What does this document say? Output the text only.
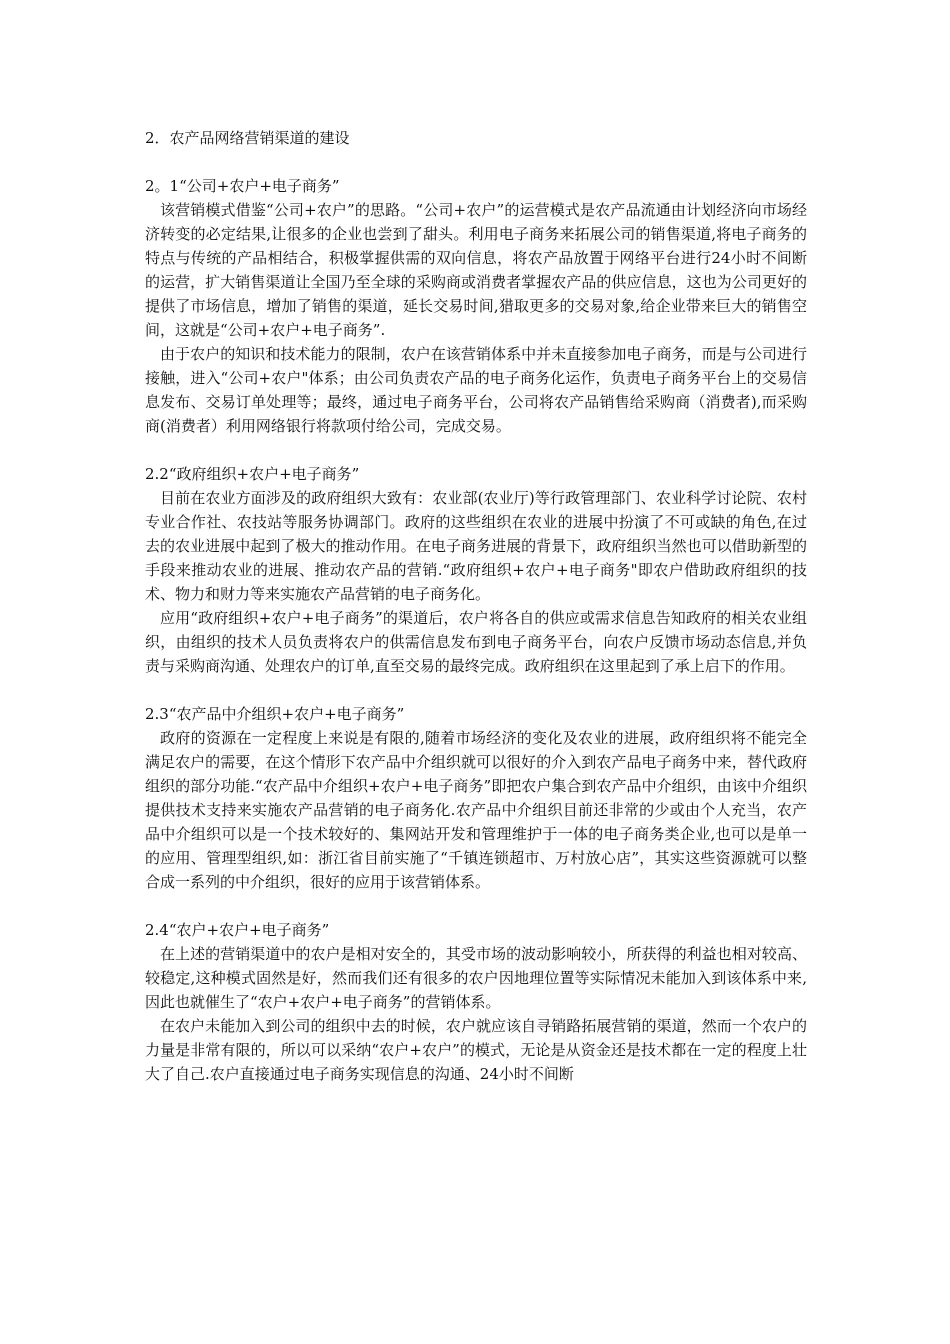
2．农产品网络营销渠道的建设
2。1“公司+农户+电子商务”

该营销模式借鉴“公司+农户”的思路。“公司+农户”的运营模式是农产品流通由计划经济向市场经济转变的必定结果,让很多的企业也尝到了甜头。利用电子商务来拓展公司的销售渠道,将电子商务的特点与传统的产品相结合，积极掌握供需的双向信息，将农产品放置于网络平台进行24小时不间断的运营，扩大销售渠道让全国乃至全球的采购商或消费者掌握农产品的供应信息，这也为公司更好的提供了市场信息，增加了销售的渠道，延长交易时间,猎取更多的交易对象,给企业带来巨大的销售空间，这就是“公司+农户+电子商务”.

由于农户的知识和技术能力的限制，农户在该营销体系中并未直接参加电子商务，而是与公司进行接触，进入“公司+农户"体系；由公司负责农产品的电子商务化运作，负责电子商务平台上的交易信息发布、交易订单处理等；最终，通过电子商务平台，公司将农产品销售给采购商（消费者),而采购商(消费者）利用网络银行将款项付给公司，完成交易。

2.2“政府组织+农户+电子商务”

目前在农业方面涉及的政府组织大致有：农业部(农业厅)等行政管理部门、农业科学讨论院、农村专业合作社、农技站等服务协调部门。政府的这些组织在农业的进展中扮演了不可或缺的角色,在过去的农业进展中起到了极大的推动作用。在电子商务进展的背景下，政府组织当然也可以借助新型的手段来推动农业的进展、推动农产品的营销.“政府组织+农户+电子商务"即农户借助政府组织的技术、物力和财力等来实施农产品营销的电子商务化。

应用“政府组织+农户+电子商务”的渠道后，农户将各自的供应或需求信息告知政府的相关农业组织，由组织的技术人员负责将农户的供需信息发布到电子商务平台，向农户反馈市场动态信息,并负责与采购商沟通、处理农户的订单,直至交易的最终完成。政府组织在这里起到了承上启下的作用。

2.3“农产品中介组织+农户+电子商务”

政府的资源在一定程度上来说是有限的,随着市场经济的变化及农业的进展，政府组织将不能完全满足农户的需要，在这个情形下农产品中介组织就可以很好的介入到农产品电子商务中来，替代政府组织的部分功能.“农产品中介组织+农户+电子商务”即把农户集合到农产品中介组织，由该中介组织提供技术支持来实施农产品营销的电子商务化.农产品中介组织目前还非常的少或由个人充当，农产品中介组织可以是一个技术较好的、集网站开发和管理维护于一体的电子商务类企业,也可以是单一的应用、管理型组织,如：浙江省目前实施了“千镇连锁超市、万村放心店”，其实这些资源就可以整合成一系列的中介组织，很好的应用于该营销体系。

2.4“农户+农户+电子商务”

在上述的营销渠道中的农户是相对安全的，其受市场的波动影响较小，所获得的利益也相对较高、较稳定,这种模式固然是好，然而我们还有很多的农户因地理位置等实际情况未能加入到该体系中来,因此也就催生了“农户+农户+电子商务”的营销体系。

在农户未能加入到公司的组织中去的时候，农户就应该自寻销路拓展营销的渠道，然而一个农户的力量是非常有限的，所以可以采纳“农户+农户”的模式，无论是从资金还是技术都在一定的程度上壮大了自己.农户直接通过电子商务实现信息的沟通、24小时不间断
